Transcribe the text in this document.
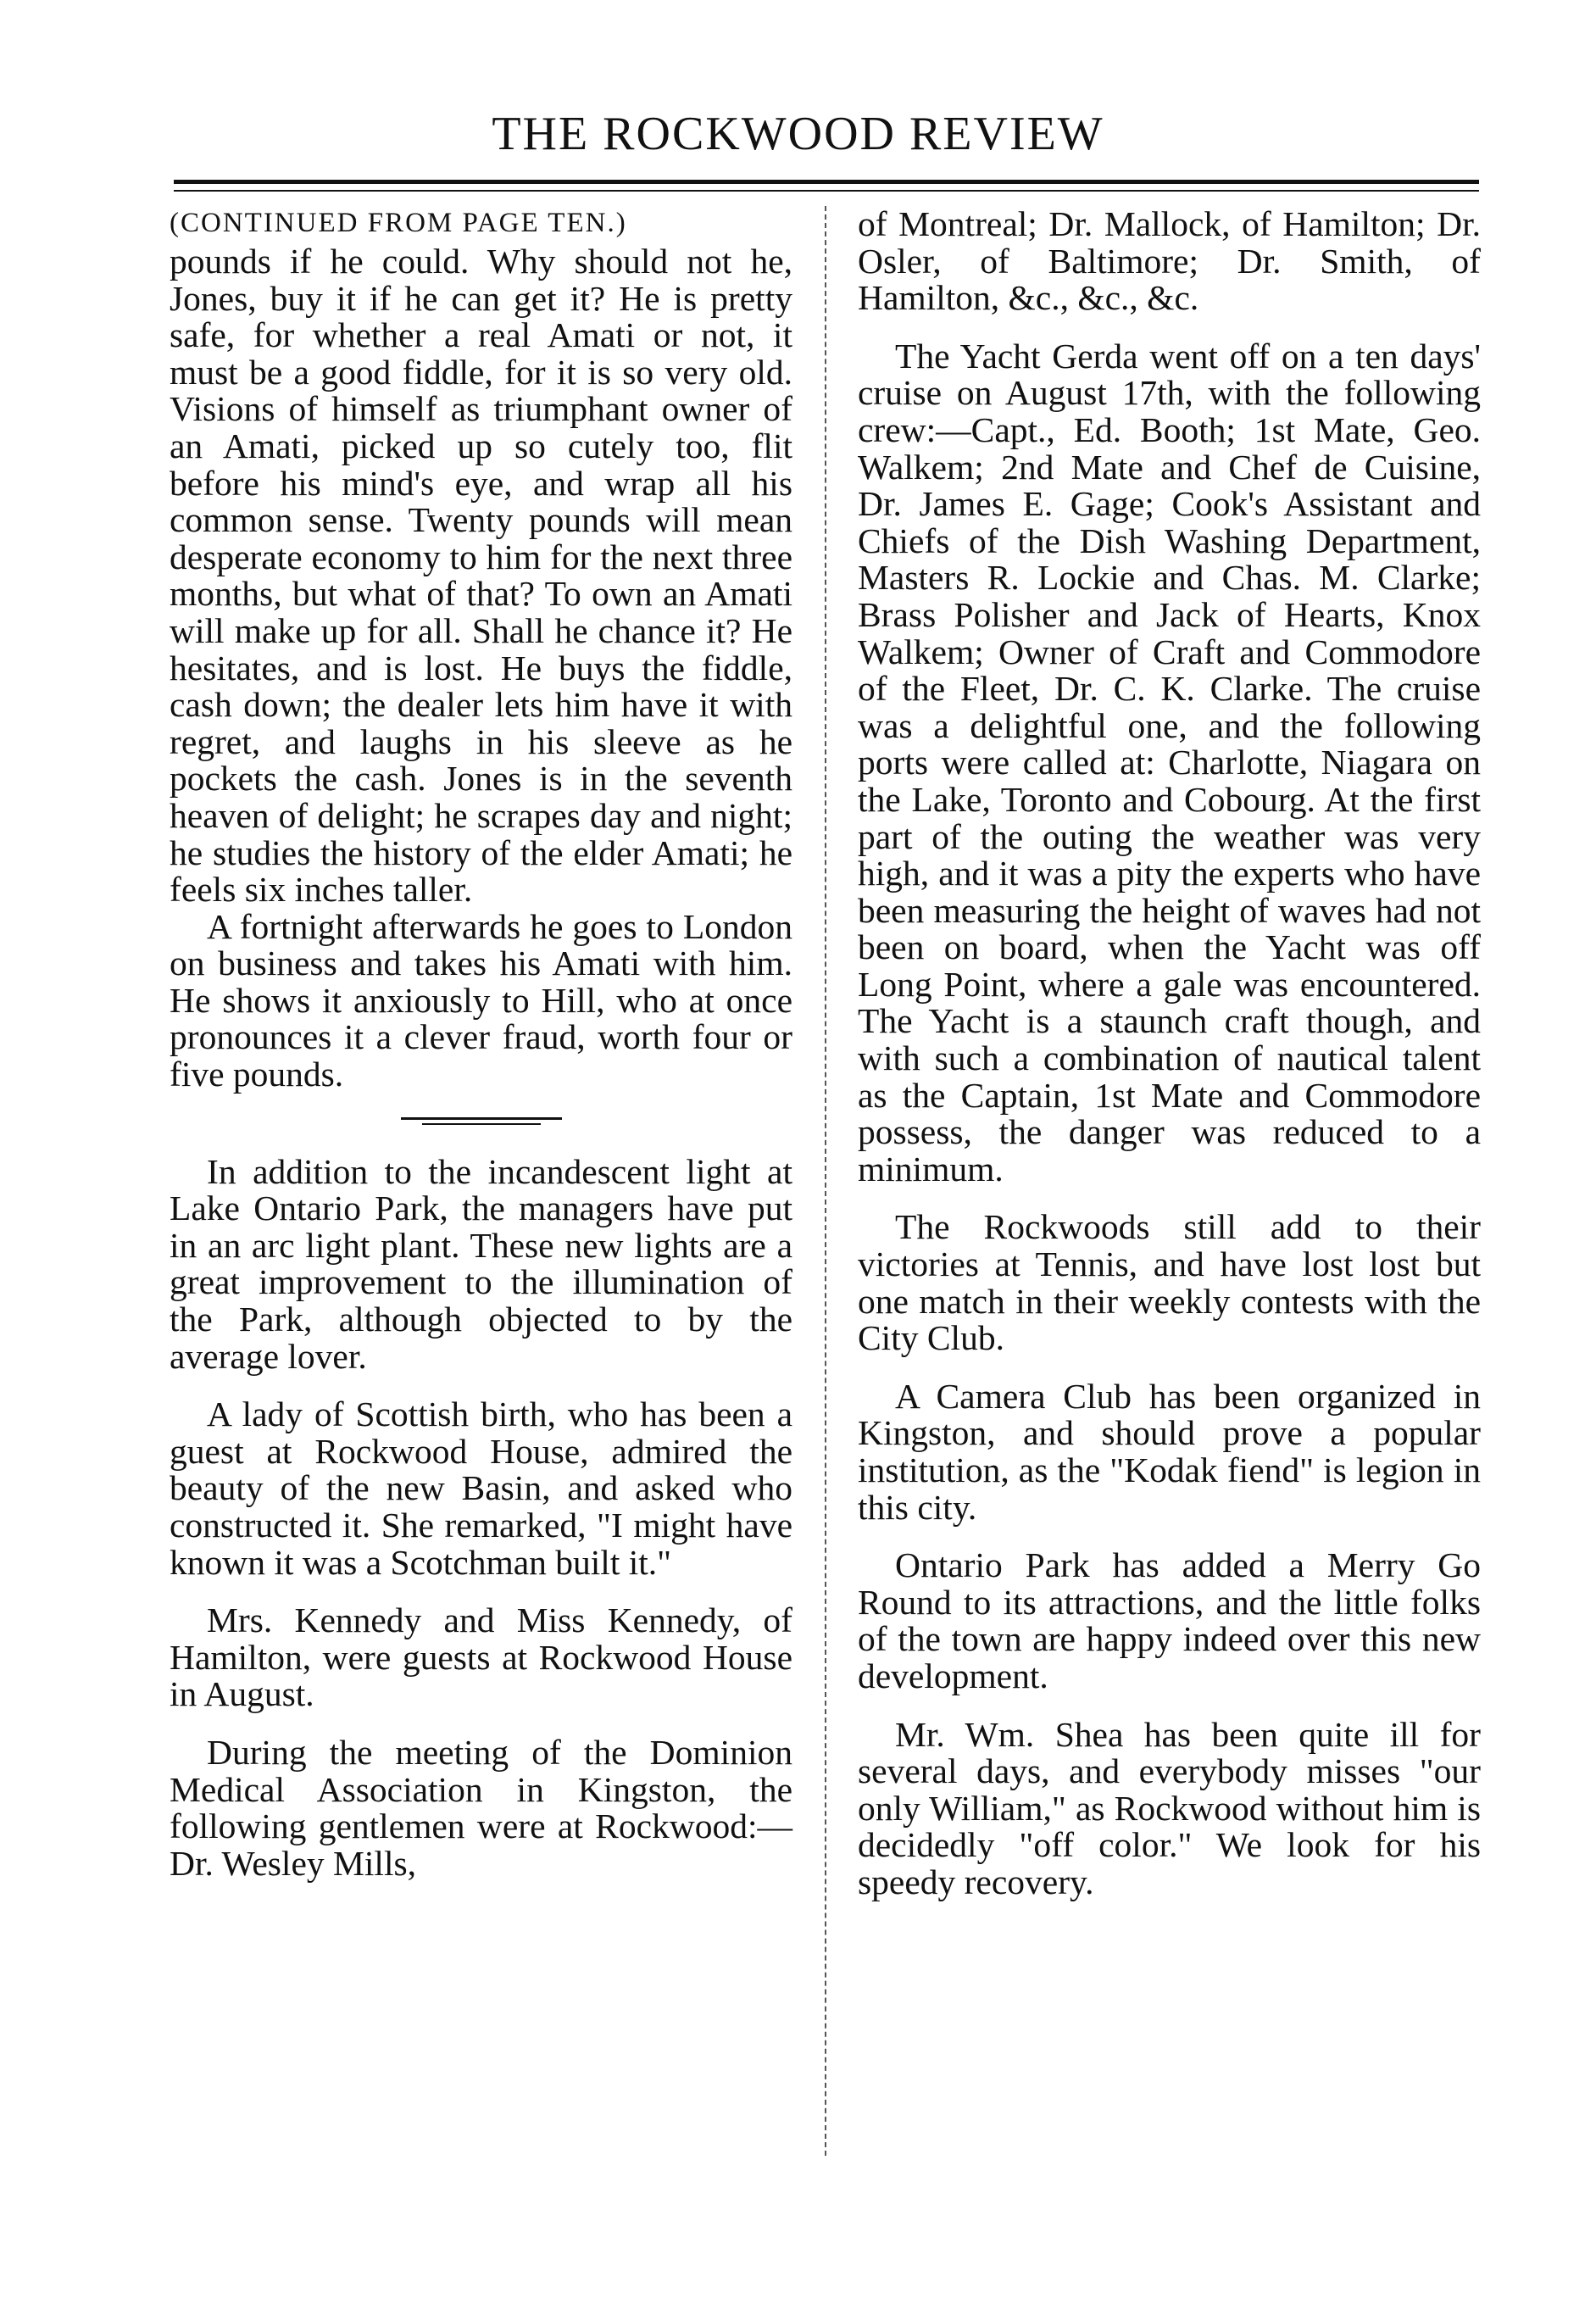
THE ROCKWOOD REVIEW

(CONTINUED FROM PAGE TEN.)

pounds if he could. Why should not he, Jones, buy it if he can get it? He is pretty safe, for whether a real Amati or not, it must be a good fiddle, for it is so very old. Visions of himself as triumphant owner of an Amati, picked up so cutely too, flit before his mind's eye, and wrap all his common sense. Twenty pounds will mean desperate economy to him for the next three months, but what of that? To own an Amati will make up for all. Shall he chance it? He hesitates, and is lost. He buys the fiddle, cash down; the dealer lets him have it with regret, and laughs in his sleeve as he pockets the cash. Jones is in the seventh heaven of delight; he scrapes day and night; he studies the history of the elder Amati; he feels six inches taller.

A fortnight afterwards he goes to London on business and takes his Amati with him. He shows it anxiously to Hill, who at once pronounces it a clever fraud, worth four or five pounds.

In addition to the incandescent light at Lake Ontario Park, the managers have put in an arc light plant. These new lights are a great improvement to the illumination of the Park, although objected to by the average lover.

A lady of Scottish birth, who has been a guest at Rockwood House, admired the beauty of the new Basin, and asked who constructed it. She remarked, "I might have known it was a Scotchman built it."

Mrs. Kennedy and Miss Kennedy, of Hamilton, were guests at Rockwood House in August.

During the meeting of the Dominion Medical Association in Kingston, the following gentlemen were at Rockwood:—Dr. Wesley Mills,

of Montreal; Dr. Mallock, of Hamilton; Dr. Osler, of Baltimore; Dr. Smith, of Hamilton, &c., &c., &c.

The Yacht Gerda went off on a ten days' cruise on August 17th, with the following crew:—Capt., Ed. Booth; 1st Mate, Geo. Walkem; 2nd Mate and Chef de Cuisine, Dr. James E. Gage; Cook's Assistant and Chiefs of the Dish Washing Department, Masters R. Lockie and Chas. M. Clarke; Brass Polisher and Jack of Hearts, Knox Walkem; Owner of Craft and Commodore of the Fleet, Dr. C. K. Clarke. The cruise was a delightful one, and the following ports were called at: Charlotte, Niagara on the Lake, Toronto and Cobourg. At the first part of the outing the weather was very high, and it was a pity the experts who have been measuring the height of waves had not been on board, when the Yacht was off Long Point, where a gale was encountered. The Yacht is a staunch craft though, and with such a combination of nautical talent as the Captain, 1st Mate and Commodore possess, the danger was reduced to a minimum.

The Rockwoods still add to their victories at Tennis, and have lost lost but one match in their weekly contests with the City Club.

A Camera Club has been organized in Kingston, and should prove a popular institution, as the "Kodak fiend" is legion in this city.

Ontario Park has added a Merry Go Round to its attractions, and the little folks of the town are happy indeed over this new development.

Mr. Wm. Shea has been quite ill for several days, and everybody misses "our only William," as Rockwood without him is decidedly "off color." We look for his speedy recovery.
